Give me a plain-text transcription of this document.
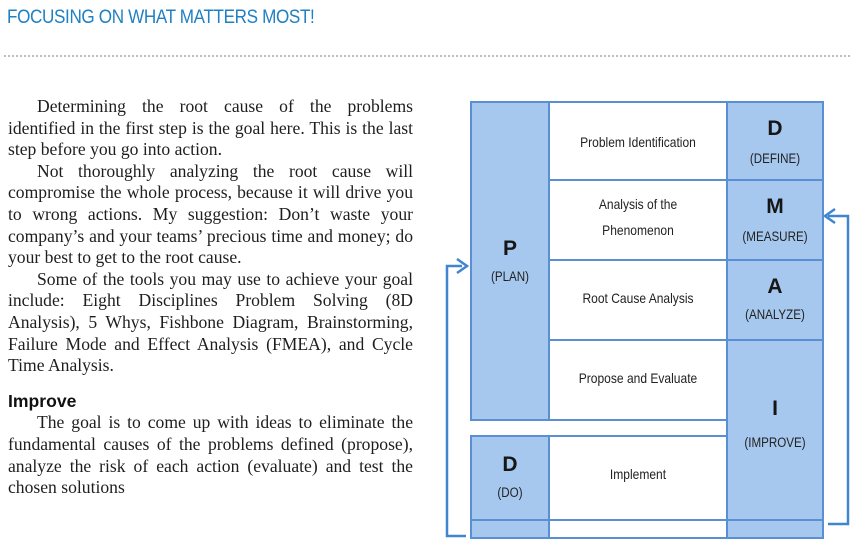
FOCUSING ON WHAT MATTERS MOST!

Determining the root cause of the problems identified in the first step is the goal here. This is the last step before you go into action.

Not thoroughly analyzing the root cause will compromise the whole process, because it will drive you to wrong actions. My suggestion: Don’t waste your company’s and your teams’ precious time and money; do your best to get to the root cause.

Some of the tools you may use to achieve your goal include: Eight Disciplines Problem Solving (8D Analysis), 5 Whys, Fishbone Diagram, Brainstorming, Failure Mode and Effect Analysis (FMEA), and Cycle Time Analysis.

Improve

The goal is to come up with ideas to eliminate the fundamental causes of the problems defined (propose), analyze the risk of each action (evaluate) and test the chosen solutions

P
(PLAN)
D
(DO)
Problem Identification
Analysis of the Phenomenon
Root Cause Analysis
Propose and Evaluate
Implement
D
(DEFINE)
M
(MEASURE)
A
(ANALYZE)
I
(IMPROVE)
